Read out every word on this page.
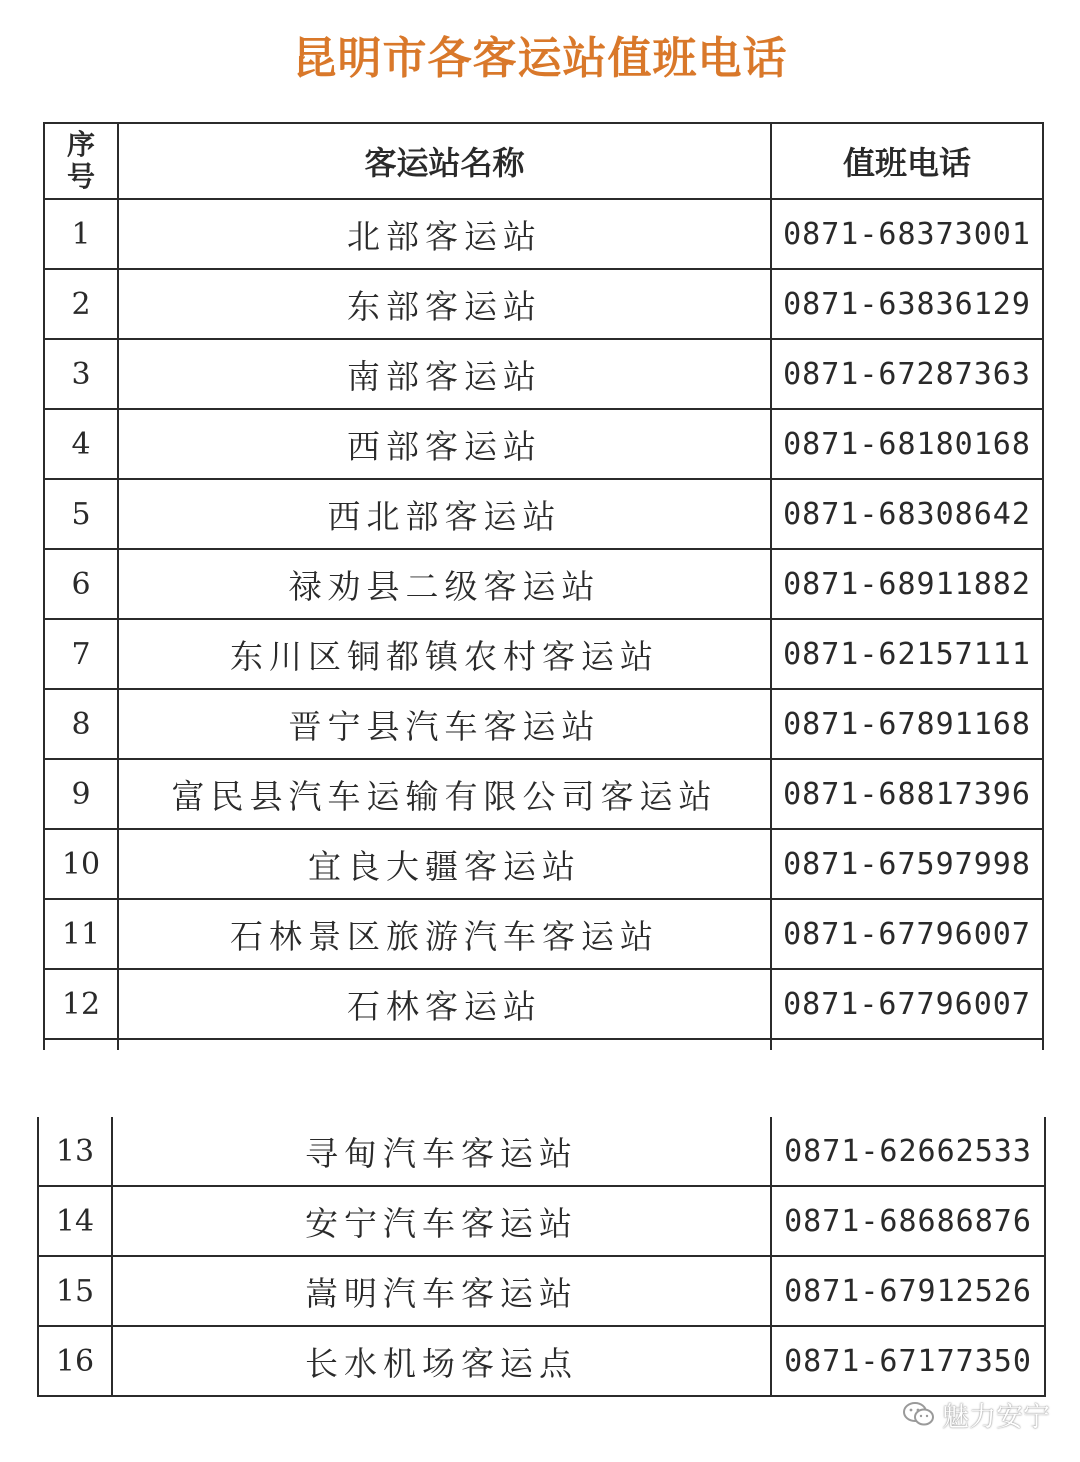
昆明市各客运站值班电话
序
号	客运站名称	值班电话
1	北部客运站	0871-68373001
2	东部客运站	0871-63836129
3	南部客运站	0871-67287363
4	西部客运站	0871-68180168
5	西北部客运站	0871-68308642
6	禄劝县二级客运站	0871-68911882
7	东川区铜都镇农村客运站	0871-62157111
8	晋宁县汽车客运站	0871-67891168
9	富民县汽车运输有限公司客运站	0871-68817396
10	宜良大疆客运站	0871-67597998
11	石林景区旅游汽车客运站	0871-67796007
12	石林客运站	0871-67796007

13	寻甸汽车客运站	0871-62662533
14	安宁汽车客运站	0871-68686876
15	嵩明汽车客运站	0871-67912526
16	长水机场客运点	0871-67177350
魅力安宁
